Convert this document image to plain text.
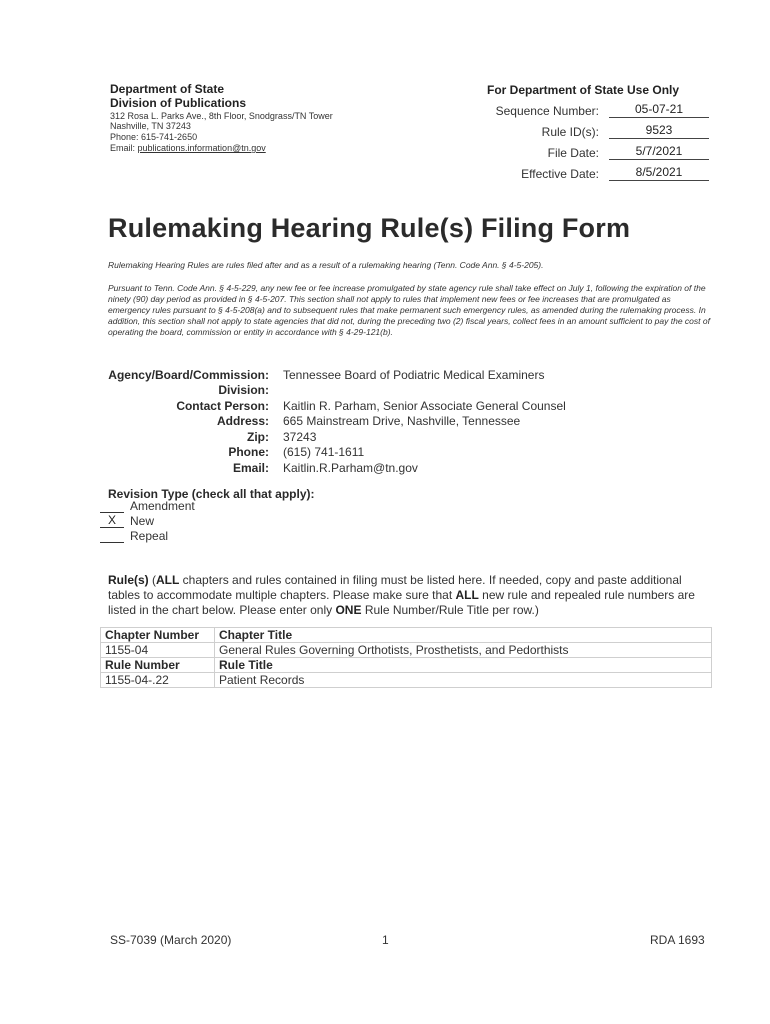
Department of State
Division of Publications
312 Rosa L. Parks Ave., 8th Floor, Snodgrass/TN Tower
Nashville, TN 37243
Phone: 615-741-2650
Email: publications.information@tn.gov
For Department of State Use Only
Sequence Number:	05-07-21
Rule ID(s):	9523
File Date:	5/7/2021
Effective Date:	8/5/2021
Rulemaking Hearing Rule(s) Filing Form
Rulemaking Hearing Rules are rules filed after and as a result of a rulemaking hearing (Tenn. Code Ann. § 4-5-205).
Pursuant to Tenn. Code Ann. § 4-5-229, any new fee or fee increase promulgated by state agency rule shall take effect on July 1, following the expiration of the ninety (90) day period as provided in § 4-5-207. This section shall not apply to rules that implement new fees or fee increases that are promulgated as emergency rules pursuant to § 4-5-208(a) and to subsequent rules that make permanent such emergency rules, as amended during the rulemaking process. In addition, this section shall not apply to state agencies that did not, during the preceding two (2) fiscal years, collect fees in an amount sufficient to pay the cost of operating the board, commission or entity in accordance with § 4-29-121(b).
Agency/Board/Commission: Tennessee Board of Podiatric Medical Examiners
Division:
Contact Person: Kaitlin R. Parham, Senior Associate General Counsel
Address: 665 Mainstream Drive, Nashville, Tennessee
Zip: 37243
Phone: (615) 741-1611
Email: Kaitlin.R.Parham@tn.gov
Revision Type (check all that apply):
Amendment
X	New
Repeal
Rule(s) (ALL chapters and rules contained in filing must be listed here. If needed, copy and paste additional tables to accommodate multiple chapters. Please make sure that ALL new rule and repealed rule numbers are listed in the chart below. Please enter only ONE Rule Number/Rule Title per row.)
Chapter Number	Chapter Title
1155-04	General Rules Governing Orthotists, Prosthetists, and Pedorthists
Rule Number	Rule Title
1155-04-.22	Patient Records
SS-7039 (March 2020)	1	RDA 1693
